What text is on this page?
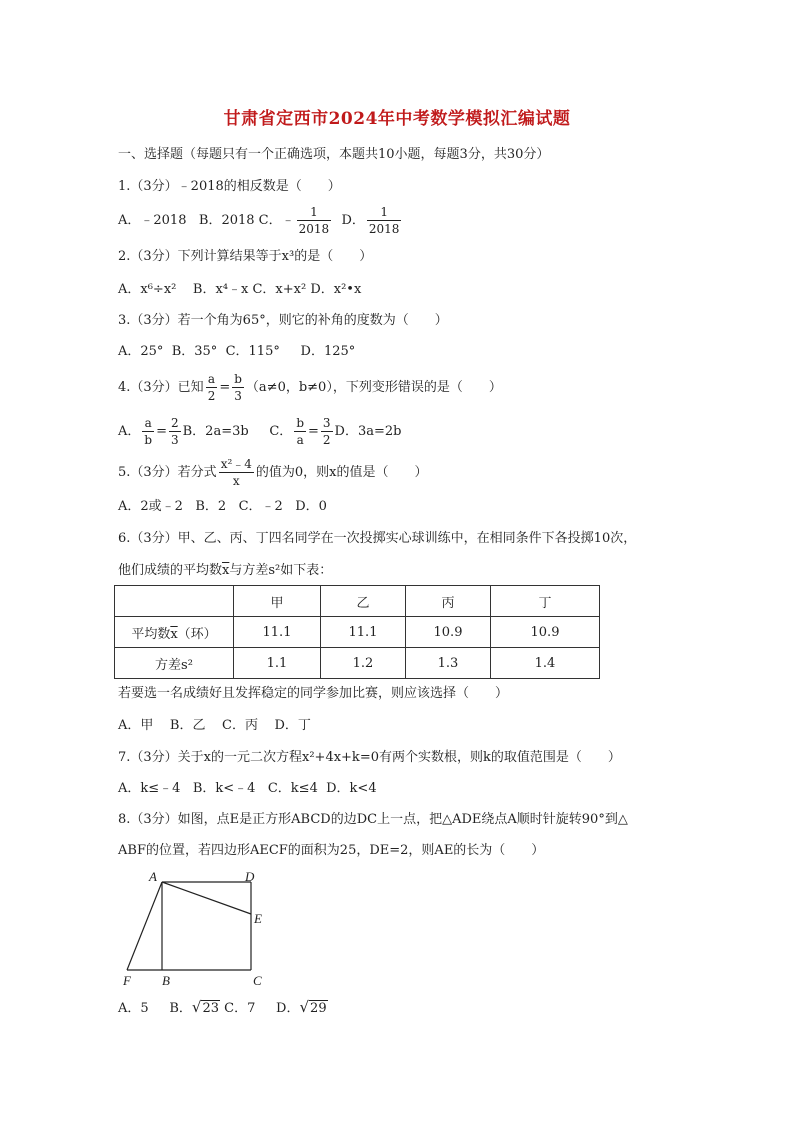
甘肃省定西市2024年中考数学模拟汇编试题
一、选择题（每题只有一个正确选项，本题共10小题，每题3分，共30分）
1.（3分）﹣2018的相反数是（　　）
A．﹣2018 B．2018 C．﹣ $\frac{1}{2018}$ D． $\frac{1}{2018}$
2.（3分）下列计算结果等于x³的是（　　）
A．x⁶÷x² B．x⁴﹣x C．x+x² D．x²•x
3.（3分）若一个角为65°，则它的补角的度数为（　　）
A．25° B．35° C．115° D．125°
4.（3分）已知 $\frac{a}{2} = \frac{b}{3} (a\ne 0$，b≠0），下列变形错误的是（　　）
A． $\frac{a}{b} = \frac{2}{3}$ B．2a=3b C． $\frac{b}{a} = \frac{3}{2}$ D．3a=2b
5.（3分）若分式 $\frac{\text{x²﹣4}}{x}$ 的值为0，则x的值是（　　）
A．2或﹣2 B．2 C．﹣2 D．0
6.（3分）甲、乙、丙、丁四名同学在一次投掷实心球训练中，在相同条件下各投掷10次，
他们成绩的平均数$\overline{x}$与方差s²如下表：
	甲	乙	丙	丁
平均数$\overline{x}$（环）	11.1	11.1	10.9	10.9
方差s²	1.1	1.2	1.3	1.4
若要选一名成绩好且发挥稳定的同学参加比赛，则应该选择（　　）
A．甲 B．乙 C．丙 D．丁
7.（3分）关于x的一元二次方程x²+4x+k=0有两个实数根，则k的取值范围是（　　）
A．k≤﹣4 B．k<﹣4 C．k≤4 D．k<4
8.（3分）如图，点E是正方形ABCD的边DC上一点，把△ADE绕点A顺时针旋转90°到△
ABF的位置，若四边形AECF的面积为25，DE=2，则AE的长为（　　）
A	D
E
F B	C
A．5 B．√23 C．7 D．√29
